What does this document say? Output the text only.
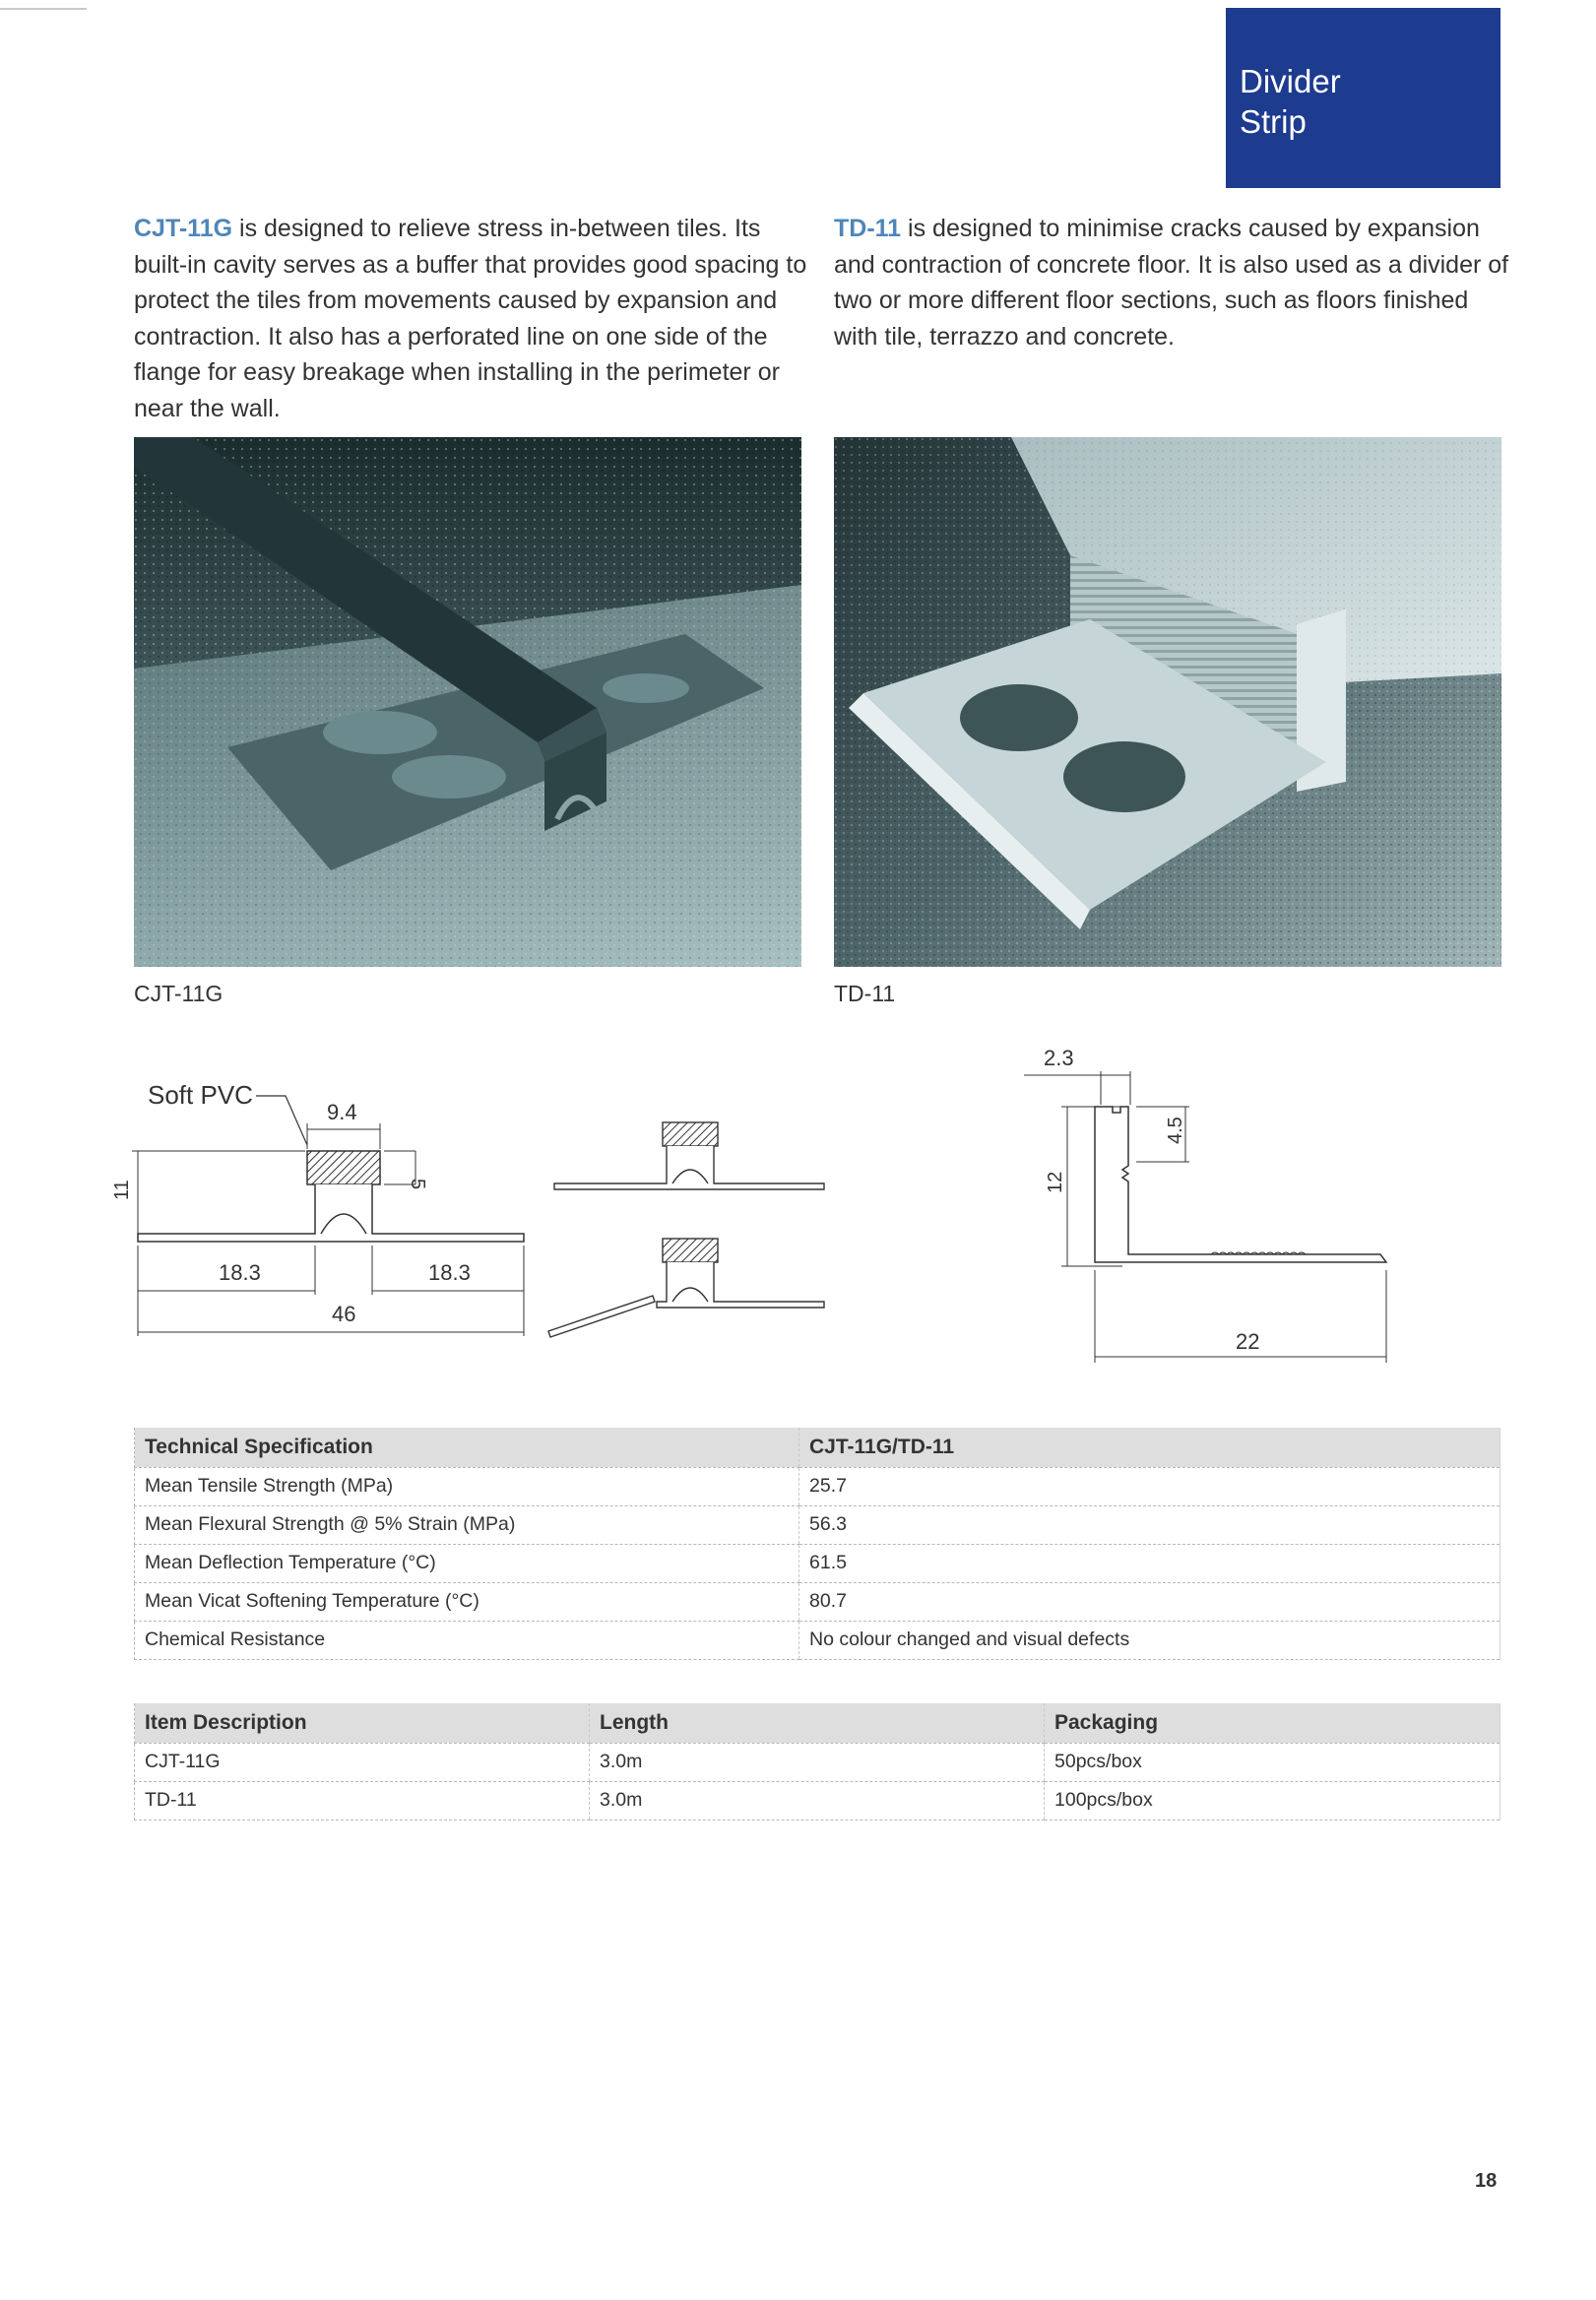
Divider
Strip

CJT-11G is designed to relieve stress in-between tiles. Its built-in cavity serves as a buffer that provides good spacing to protect the tiles from movements caused by expansion and contraction. It also has a perforated line on one side of the flange for easy breakage when installing in the perimeter or near the wall.

TD-11 is designed to minimise cracks caused by expansion and contraction of concrete floor. It is also used as a divider of two or more different floor sections, such as floors finished with tile, terrazzo and concrete.

CJT-11G	TD-11
Soft PVC
9.4
5
11
18.3	18.3
46
2.3
12
4.5
22
Technical Specification	CJT-11G/TD-11
Mean Tensile Strength (MPa)	25.7
Mean Flexural Strength @ 5% Strain (MPa)	56.3
Mean Deflection Temperature (°C)	61.5
Mean Vicat Softening Temperature (°C)	80.7
Chemical Resistance	No colour changed and visual defects
Item Description	Length	Packaging
CJT-11G	3.0m	50pcs/box
TD-11	3.0m	100pcs/box
18
